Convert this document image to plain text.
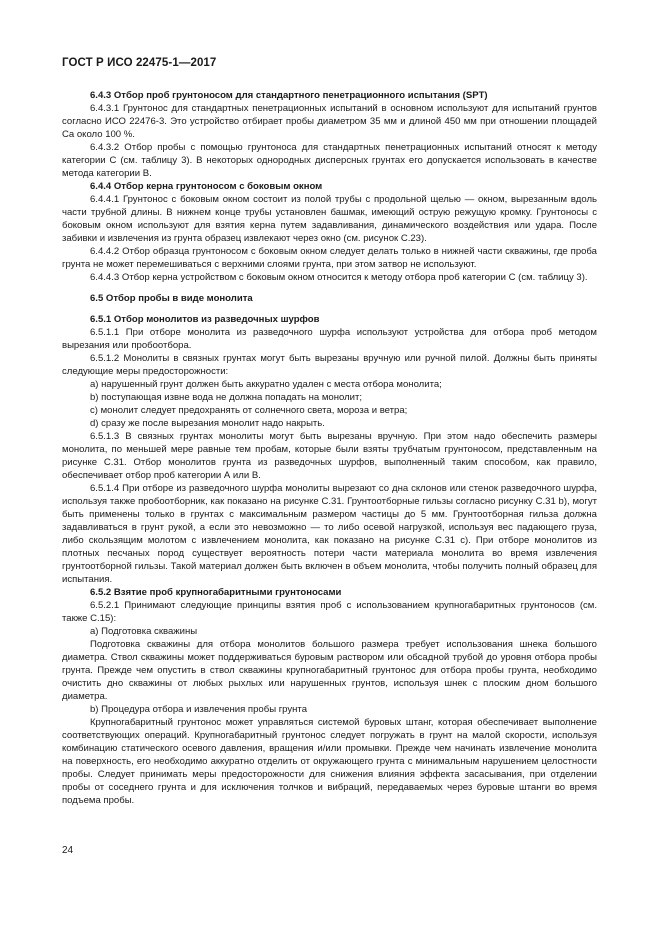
ГОСТ Р ИСО 22475-1—2017

6.4.3 Отбор проб грунтоносом для стандартного пенетрационного испытания (SPT)

6.4.3.1 Грунтонос для стандартных пенетрационных испытаний в основном используют для испытаний грунтов согласно ИСО 22476-3. Это устройство отбирает пробы диаметром 35 мм и длиной 450 мм при отношении площадей Ca около 100 %.

6.4.3.2 Отбор пробы с помощью грунтоноса для стандартных пенетрационных испытаний относят к методу категории С (см. таблицу 3). В некоторых однородных дисперсных грунтах его допускается использовать в качестве метода категории В.

6.4.4 Отбор керна грунтоносом с боковым окном

6.4.4.1 Грунтонос с боковым окном состоит из полой трубы с продольной щелью — окном, вырезанным вдоль части трубной длины. В нижнем конце трубы установлен башмак, имеющий острую режущую кромку. Грунтоносы с боковым окном используют для взятия керна путем задавливания, динамического воздействия или удара. После забивки и извлечения из грунта образец извлекают через окно (см. рисунок С.23).

6.4.4.2 Отбор образца грунтоносом с боковым окном следует делать только в нижней части скважины, где проба грунта не может перемешиваться с верхними слоями грунта, при этом затвор не используют.

6.4.4.3 Отбор керна устройством с боковым окном относится к методу отбора проб категории С (см. таблицу 3).

6.5 Отбор пробы в виде монолита

6.5.1 Отбор монолитов из разведочных шурфов

6.5.1.1 При отборе монолита из разведочного шурфа используют устройства для отбора проб методом вырезания или пробоотбора.

6.5.1.2 Монолиты в связных грунтах могут быть вырезаны вручную или ручной пилой. Должны быть приняты следующие меры предосторожности:

a) нарушенный грунт должен быть аккуратно удален с места отбора монолита;

b) поступающая извне вода не должна попадать на монолит;

c) монолит следует предохранять от солнечного света, мороза и ветра;

d) сразу же после вырезания монолит надо накрыть.

6.5.1.3 В связных грунтах монолиты могут быть вырезаны вручную. При этом надо обеспечить размеры монолита, по меньшей мере равные тем пробам, которые были взяты трубчатым грунтоносом, представленным на рисунке С.31. Отбор монолитов грунта из разведочных шурфов, выполненный таким способом, как правило, обеспечивает отбор проб категории А или В.

6.5.1.4 При отборе из разведочного шурфа монолиты вырезают со дна склонов или стенок разведочного шурфа, используя также пробоотборник, как показано на рисунке С.31. Грунтоотборные гильзы согласно рисунку С.31 b), могут быть применены только в грунтах с максимальным размером частицы до 5 мм. Грунтоотборная гильза должна задавливаться в грунт рукой, а если это невозможно — то либо осевой нагрузкой, используя вес падающего груза, либо скользящим молотом с извлечением монолита, как показано на рисунке С.31 с). При отборе монолитов из плотных песчаных пород существует вероятность потери части материала монолита во время извлечения грунтоотборной гильзы. Такой материал должен быть включен в объем монолита, чтобы получить полный образец для испытания.

6.5.2 Взятие проб крупногабаритными грунтоносами

6.5.2.1 Принимают следующие принципы взятия проб с использованием крупногабаритных грунтоносов (см. также С.15):

a) Подготовка скважины

Подготовка скважины для отбора монолитов большого размера требует использования шнека большого диаметра. Ствол скважины может поддерживаться буровым раствором или обсадной трубой до уровня отбора пробы грунта. Прежде чем опустить в ствол скважины крупногабаритный грунтонос для отбора пробы грунта, необходимо очистить дно скважины от любых рыхлых или нарушенных грунтов, используя шнек с плоским дном большого диаметра.

b) Процедура отбора и извлечения пробы грунта

Крупногабаритный грунтонос может управляться системой буровых штанг, которая обеспечивает выполнение соответствующих операций. Крупногабаритный грунтонос следует погружать в грунт на малой скорости, используя комбинацию статического осевого давления, вращения и/или промывки. Прежде чем начинать извлечение монолита на поверхность, его необходимо аккуратно отделить от окружающего грунта с минимальным нарушением целостности пробы. Следует принимать меры предосторожности для снижения влияния эффекта засасывания, при отделении пробы от соседнего грунта и для исключения толчков и вибраций, передаваемых через буровые штанги во время подъема пробы.

24
